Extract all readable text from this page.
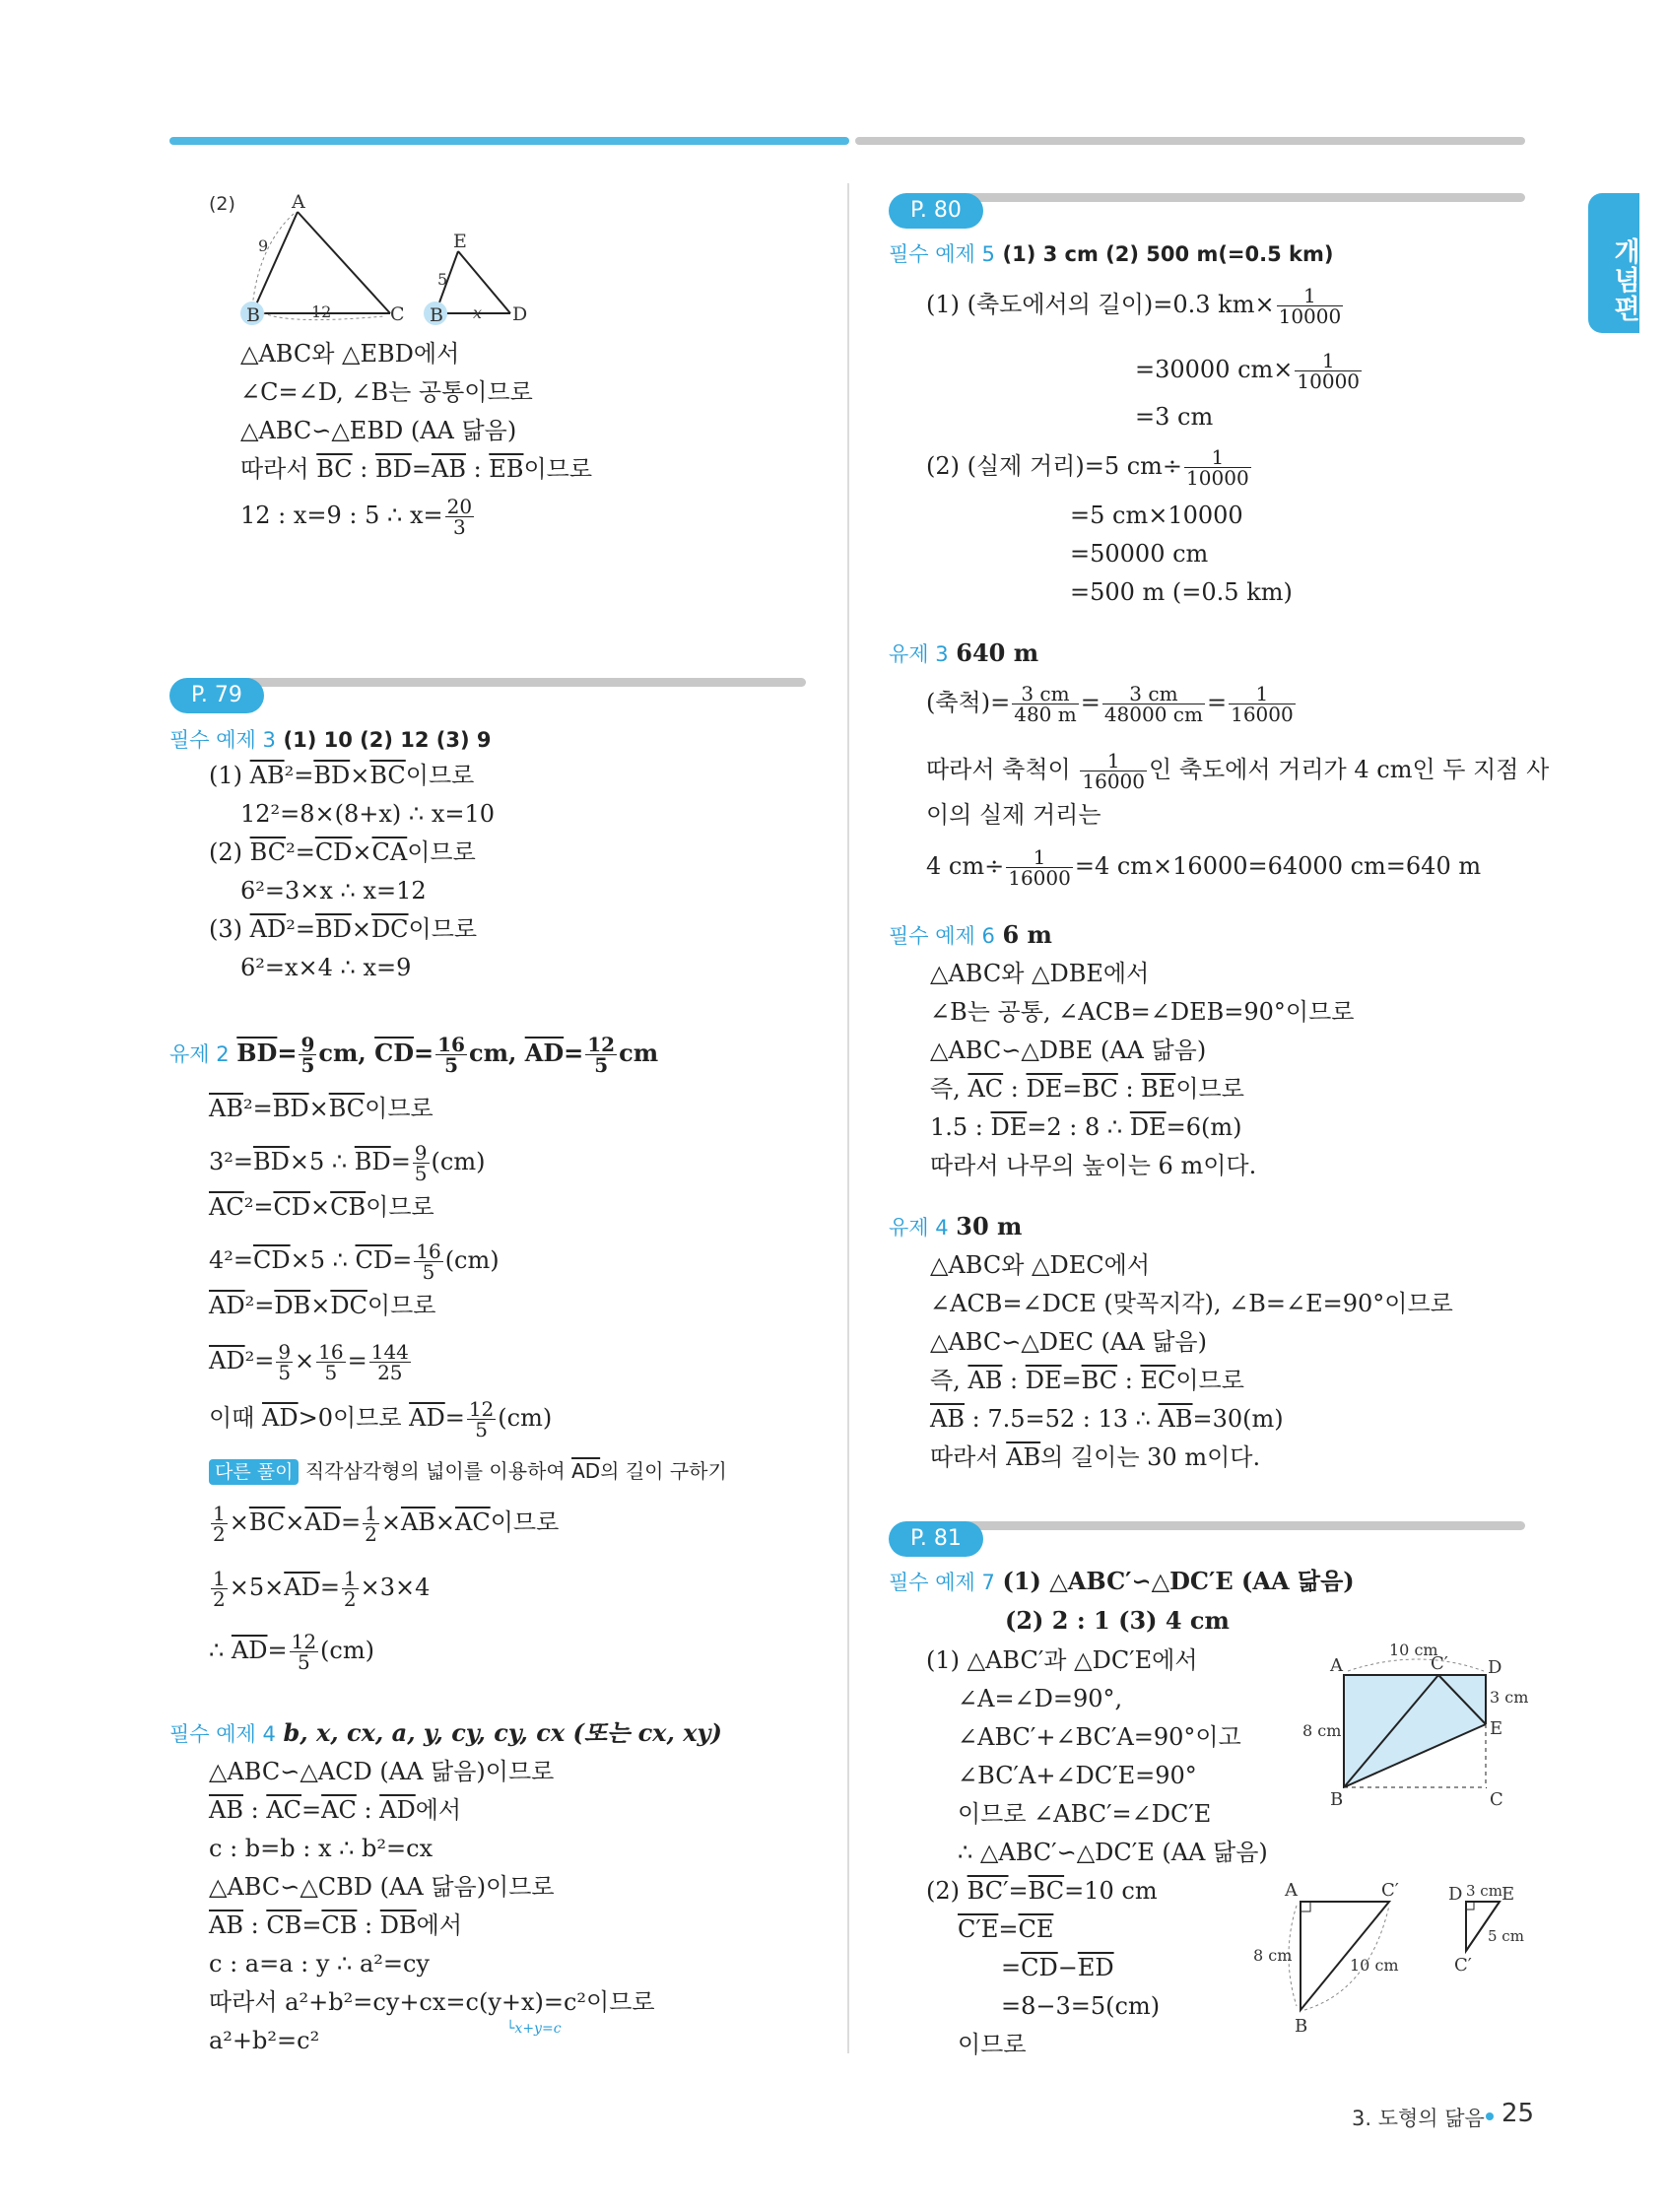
개념편
(2)	A
B	C
9
12
E
B	D
5
x
△ABC와 △EBD에서
∠C=∠D, ∠B는 공통이므로
△ABC∽△EBD (AA 닮음)
따라서 $\overline{BC}$ : $\overline{BD}=\overline{AB}$ : $\overline{EB}$이므로
12 : x=9 : 5 ∴ $x= \frac{20}{3}$
P. 79
필수 예제 3 (1) 10 (2) 12 (3) 9
(1) $\overline{AB}^2=\overline{BD}\times\overline{BC}$이므로
12²=8×(8+x) ∴ x=10
(2) $\overline{BC}^2=\overline{CD}\times\overline{CA}$이므로
6²=3×x ∴ x=12
(3) $\overline{AD}^2=\overline{BD}\times\overline{DC}$이므로
6²=x×4 ∴ x=9
유제 2 $\overline{BD}= \frac{9}{5}$ cm, $\overline{CD}= \frac{16}{5}$ cm, $\overline{AD}= \frac{12}{5}$ cm
$\overline{AB}^2=\overline{BD}\times\overline{BC}$이므로
$3^2=\overline{BD}\times 5$ ∴ $\overline{BD}= \frac{9}{5} (cm)$
$\overline{AC}^2=\overline{CD}\times\overline{CB}$이므로
$4^2=\overline{CD}\times 5$ ∴ $\overline{CD}= \frac{16}{5} (cm)$
$\overline{AD}^2=\overline{DB}\times\overline{DC}$이므로
$\overline{AD}^2= \frac{9}{5} \times \frac{16}{5} = \frac{144}{25}$
이때 $\overline{AD}>0$이므로 $\overline{AD}= \frac{12}{5} (cm)$
다른 풀이 직각삼각형의 넓이를 이용하여 $\overline{AD}$의 길이 구하기
$\frac{1}{2} \times\overline{BC}\times\overline{AD}= \frac{1}{2} \times\overline{AB}\times\overline{AC}$이므로
$\frac{1}{2} \times 5\times\overline{AD}= \frac{1}{2} \times 3\times 4$
∴ $\overline{AD}= \frac{12}{5} (cm)$
필수 예제 4 b, x, cx, a, y, cy, cy, cx (또는 cx, xy)
△ABC∽△ACD (AA 닮음)이므로
$\overline{AB}$ : $\overline{AC}=\overline{AC}$ : $\overline{AD}$에서
c : b=b : x ∴ b²=cx
△ABC∽△CBD (AA 닮음)이므로
$\overline{AB}$ : $\overline{CB}=\overline{CB}$ : $\overline{DB}$에서
c : a=a : y ∴ a²=cy
따라서 a²+b²=cy+cx=c(y+x)=c²이므로
└x+y=c
a²+b²=c²
P. 80
필수 예제 5 (1) 3 cm (2) 500 m(=0.5 km)
(1) (축도에서의 길이)=0.3 $km\times \frac{1}{10000}$
=30000 $cm\times \frac{1}{10000}$
=3 cm
(2) (실제 거리)=5 $cm\div \frac{1}{10000}$
=5 cm×10000
=50000 cm
=500 m (=0.5 km)
유제 3 640 m
(축척)= $\frac{3 cm}{480 m} = \frac{3 cm}{48000 cm} = \frac{1}{16000}$
따라서 축척이 $\frac{1}{16000}$ 인 축도에서 거리가 4 cm인 두 지점 사
이의 실제 거리는
4 $cm\div \frac{1}{16000} =4$ cm×16000=64000 cm=640 m
필수 예제 6 6 m
△ABC와 △DBE에서
∠B는 공통, ∠ACB=∠DEB=90°이므로
△ABC∽△DBE (AA 닮음)
즉, $\overline{AC}$ : $\overline{DE}=\overline{BC}$ : $\overline{BE}$이므로
1.5 : $\overline{DE}=2$ : 8 ∴ $\overline{DE}=6(m)$
따라서 나무의 높이는 6 m이다.
유제 4 30 m
△ABC와 △DEC에서
∠ACB=∠DCE (맞꼭지각), ∠B=∠E=90°이므로
△ABC∽△DEC (AA 닮음)
즉, $\overline{AB}$ : $\overline{DE}=\overline{BC}$ : $\overline{EC}$이므로
$\overline{AB}$ : 7.5=52 : 13 ∴ $\overline{AB}=30(m)$
따라서 $\overline{AB}$의 길이는 30 m이다.
P. 81
필수 예제 7 (1) △ABC′∽△DC′E (AA 닮음)
(2) 2 : 1 (3) 4 cm
(1) △ABC′과 △DC′E에서
∠A=∠D=90°,
∠ABC′+∠BC′A=90°이고
∠BC′A+∠DC′E=90°
이므로 ∠ABC′=∠DC′E
∴ △ABC′∽△DC′E (AA 닮음)
(2) $BC'=\overline{BC}=10$ cm
$C'E=\overline{CE}$
$=\overline{CD}-\overline{ED}$
=8−3=5(cm)
이므로
A
B	C
D
E
C′
10 cm
8 cm
3 cm
A
B
C′
8 cm
10 cm
D E
C′
3 cm
5 cm
3. 도형의 닮음 25
